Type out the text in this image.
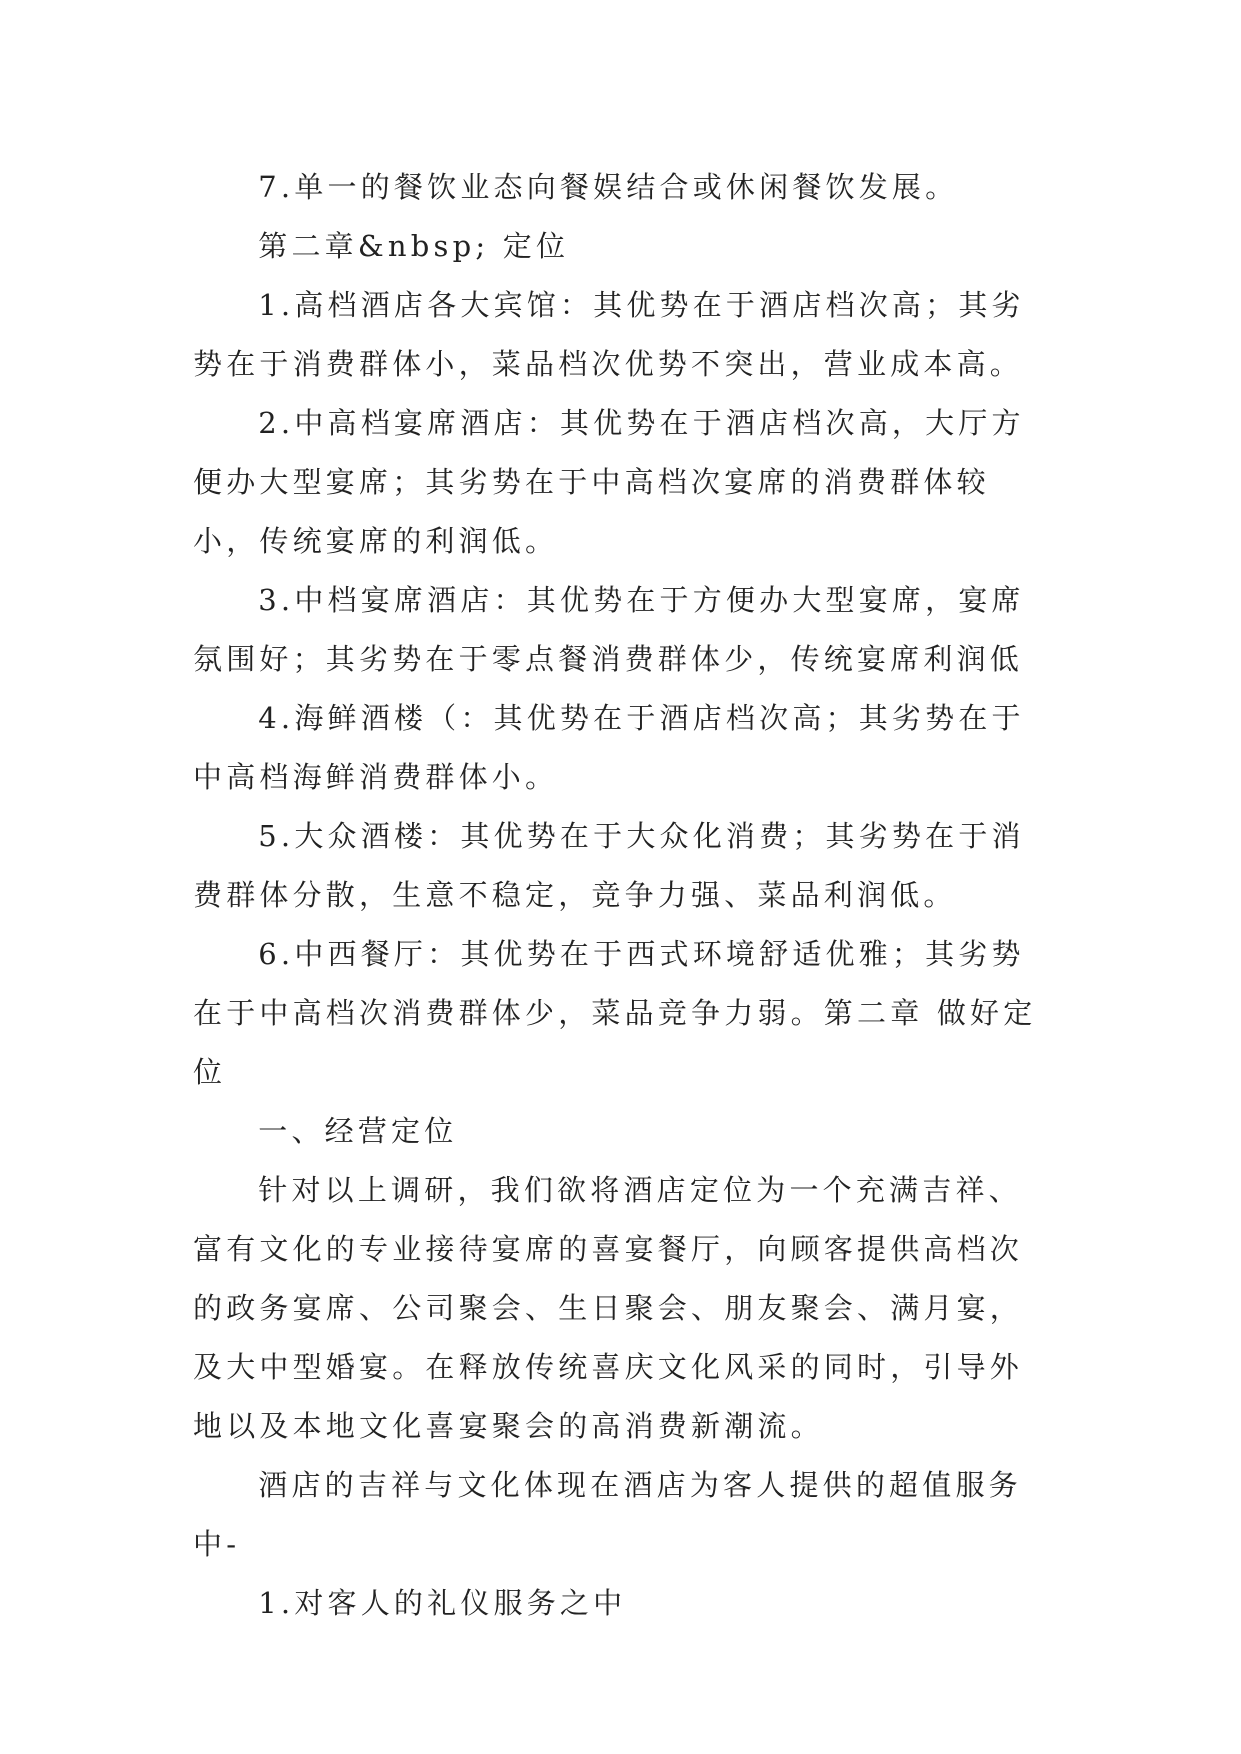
7.单一的餐饮业态向餐娱结合或休闲餐饮发展。

第二章&nbsp; 定位

1.高档酒店各大宾馆：其优势在于酒店档次高；其劣势在于消费群体小，菜品档次优势不突出，营业成本高。

2.中高档宴席酒店：其优势在于酒店档次高，大厅方便办大型宴席；其劣势在于中高档次宴席的消费群体较小，传统宴席的利润低。

3.中档宴席酒店：其优势在于方便办大型宴席，宴席氛围好；其劣势在于零点餐消费群体少，传统宴席利润低

4.海鲜酒楼（：其优势在于酒店档次高；其劣势在于中高档海鲜消费群体小。

5.大众酒楼：其优势在于大众化消费；其劣势在于消费群体分散，生意不稳定，竞争力强、菜品利润低。

6.中西餐厅：其优势在于西式环境舒适优雅；其劣势在于中高档次消费群体少，菜品竞争力弱。第二章 做好定位

一、经营定位

针对以上调研，我们欲将酒店定位为一个充满吉祥、富有文化的专业接待宴席的喜宴餐厅，向顾客提供高档次的政务宴席、公司聚会、生日聚会、朋友聚会、满月宴，及大中型婚宴。在释放传统喜庆文化风采的同时，引导外地以及本地文化喜宴聚会的高消费新潮流。

酒店的吉祥与文化体现在酒店为客人提供的超值服务中-

1.对客人的礼仪服务之中
